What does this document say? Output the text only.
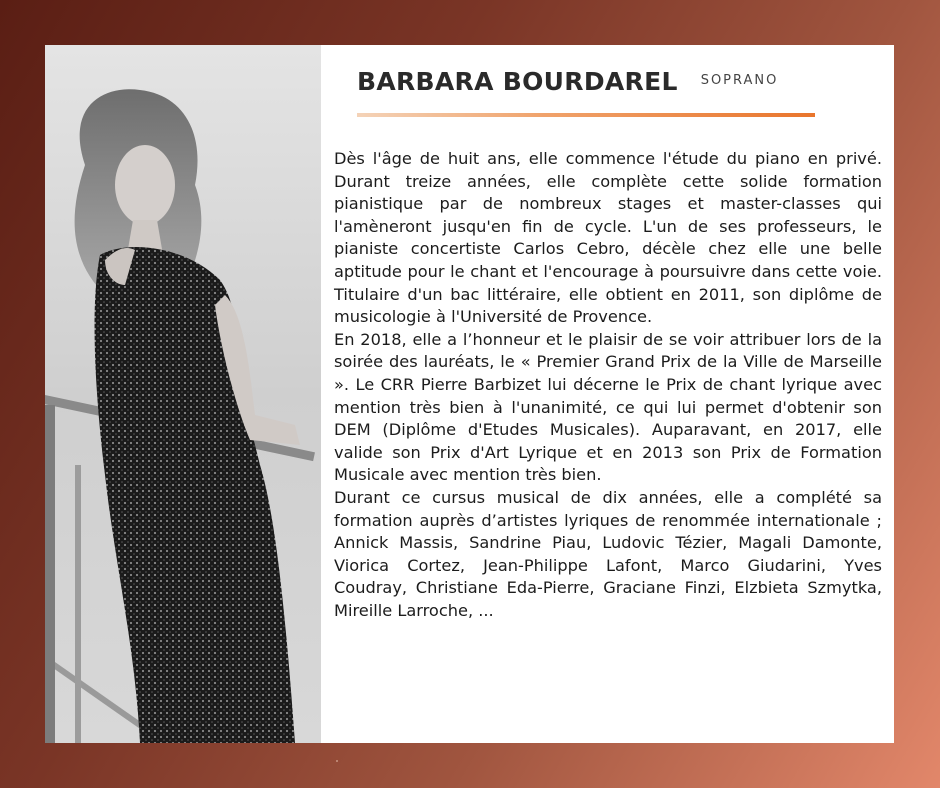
BARBARA BOURDAREL SOPRANO

Dès l'âge de huit ans, elle commence l'étude du piano en privé. Durant treize années, elle complète cette solide formation pianistique par de nombreux stages et master-classes qui l'amèneront jusqu'en fin de cycle. L'un de ses professeurs, le pianiste concertiste Carlos Cebro, décèle chez elle une belle aptitude pour le chant et l'encourage à poursuivre dans cette voie. Titulaire d'un bac littéraire, elle obtient en 2011, son diplôme de musicologie à l'Université de Provence.

En 2018, elle a l’honneur et le plaisir de se voir attribuer lors de la soirée des lauréats, le « Premier Grand Prix de la Ville de Marseille ». Le CRR Pierre Barbizet lui décerne le Prix de chant lyrique avec mention très bien à l'unanimité, ce qui lui permet d'obtenir son DEM (Diplôme d'Etudes Musicales). Auparavant, en 2017, elle valide son Prix d'Art Lyrique et en 2013 son Prix de Formation Musicale avec mention très bien.

Durant ce cursus musical de dix années, elle a complété sa formation auprès d’artistes lyriques de renommée internationale ; Annick Massis, Sandrine Piau, Ludovic Tézier, Magali Damonte, Viorica Cortez, Jean-Philippe Lafont, Marco Giudarini, Yves Coudray, Christiane Eda-Pierre, Graciane Finzi, Elzbieta Szmytka, Mireille Larroche, ...
